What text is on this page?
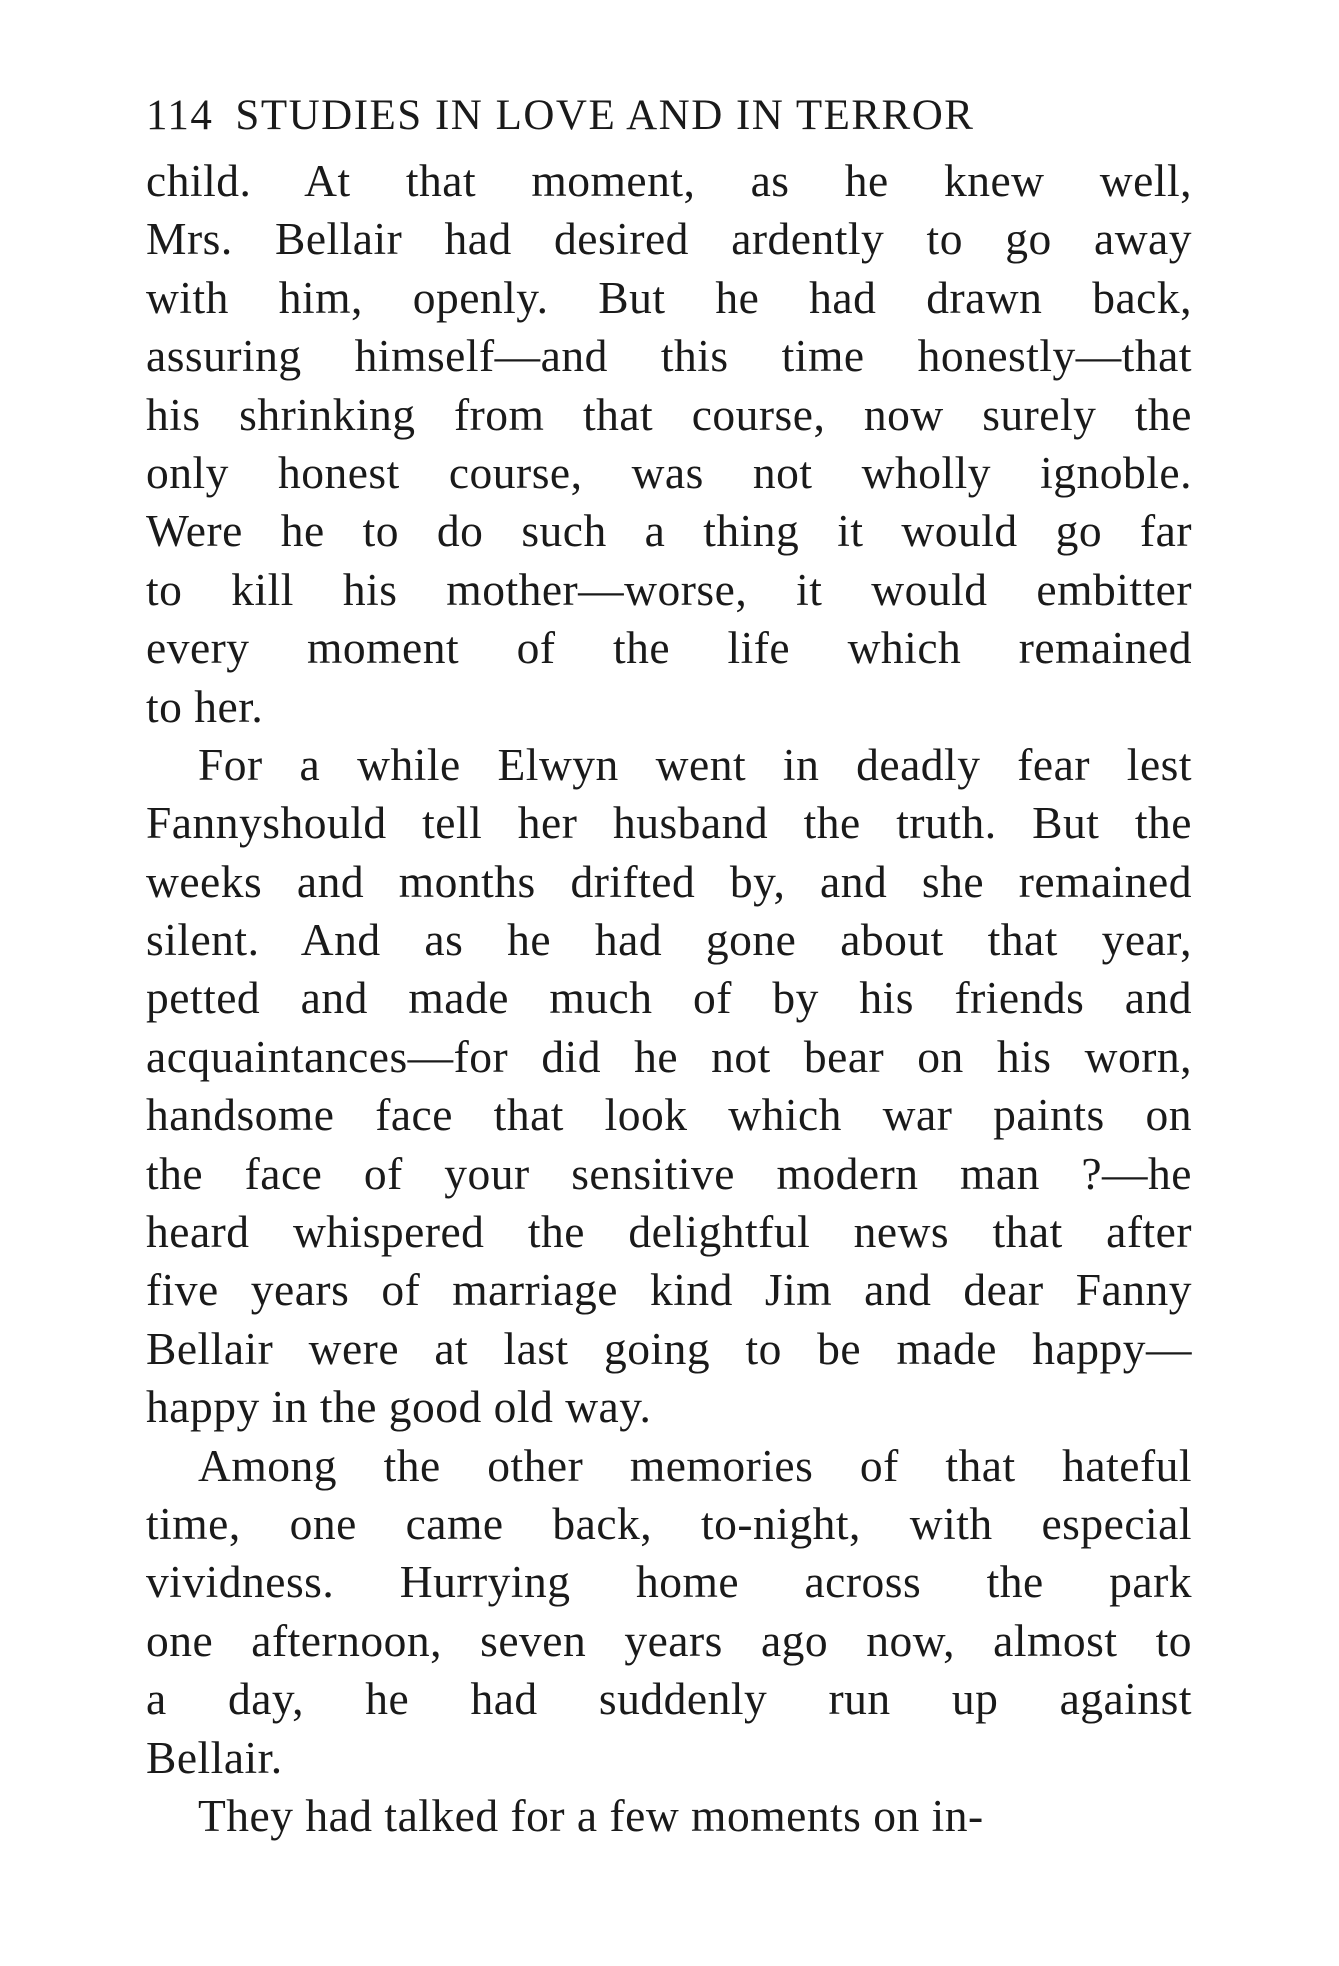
114 STUDIES IN LOVE AND IN TERROR
child. At that moment, as he knew well,
Mrs. Bellair had desired ardently to go away
with him, openly. But he had drawn back,
assuring himself—and this time honestly—that
his shrinking from that course, now surely the
only honest course, was not wholly ignoble.
Were he to do such a thing it would go far
to kill his mother—worse, it would embitter
every moment of the life which remained
to her.
For a while Elwyn went in deadly fear lest
Fannyshould tell her husband the truth. But the
weeks and months drifted by, and she remained
silent. And as he had gone about that year,
petted and made much of by his friends and
acquaintances—for did he not bear on his worn,
handsome face that look which war paints on
the face of your sensitive modern man ?—he
heard whispered the delightful news that after
five years of marriage kind Jim and dear Fanny
Bellair were at last going to be made happy—
happy in the good old way.
Among the other memories of that hateful
time, one came back, to-night, with especial
vividness. Hurrying home across the park
one afternoon, seven years ago now, almost to
a day, he had suddenly run up against
Bellair.
They had talked for a few moments on in-
